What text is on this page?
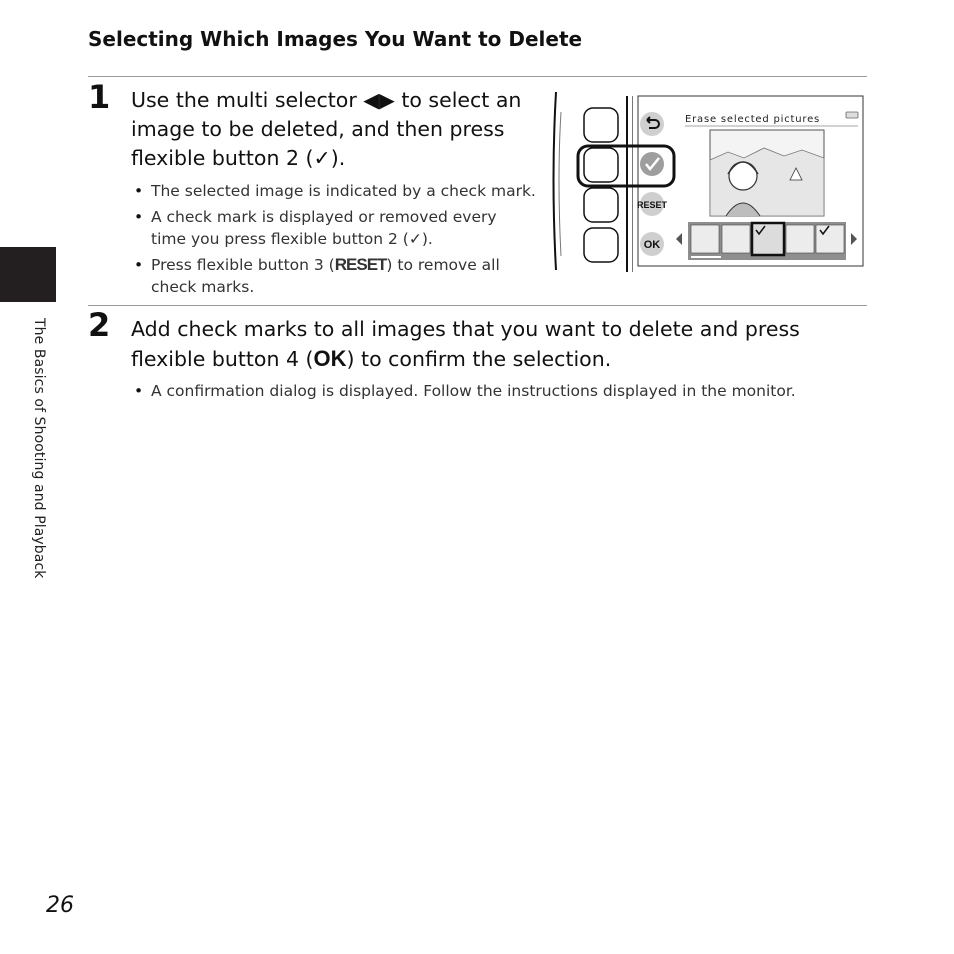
The Basics of Shooting and Playback
Selecting Which Images You Want to Delete
1 Use the multi selector ◀▶ to select an image to be deleted, and then press flexible button 2 (✓).
• The selected image is indicated by a check mark.
• A check mark is displayed or removed every time you press flexible button 2 (✓).
• Press flexible button 3 (RESET) to remove all check marks.
RESET
OK
Erase selected pictures
2 Add check marks to all images that you want to delete and press flexible button 4 (OK) to confirm the selection.
• A confirmation dialog is displayed. Follow the instructions displayed in the monitor.
26
